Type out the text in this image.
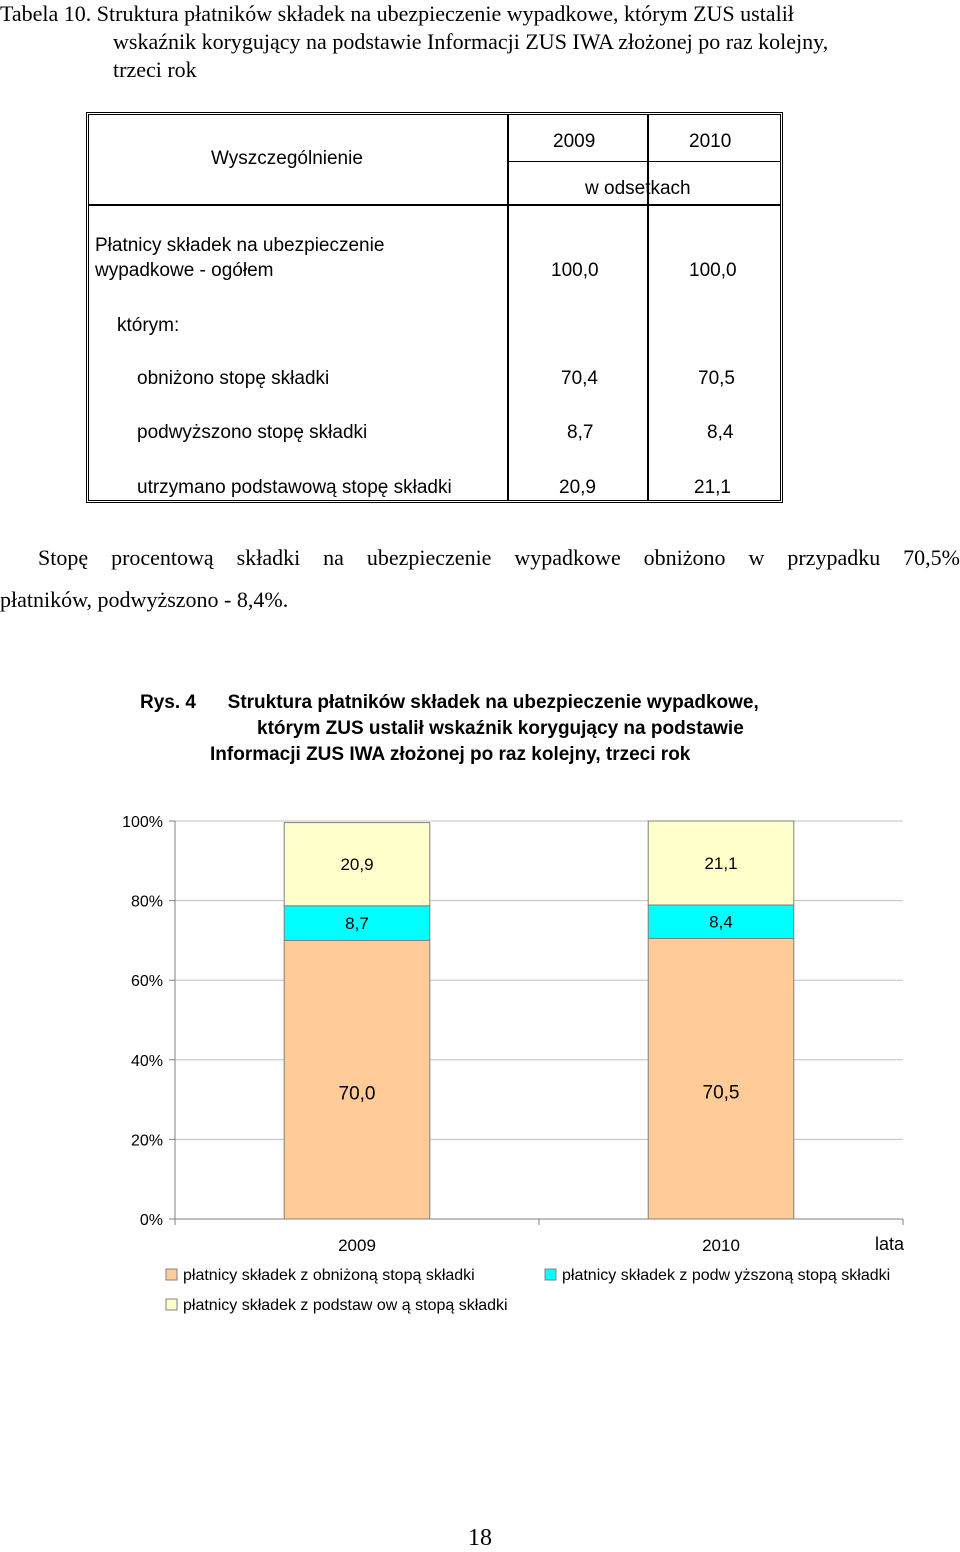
Tabela 10. Struktura płatników składek na ubezpieczenie wypadkowe, którym ZUS ustalił
wskaźnik korygujący na podstawie Informacji ZUS IWA złożonej po raz kolejny,
trzeci rok
Wyszczególnienie
2009	2010
w odsetkach
Płatnicy składek na ubezpieczenie
wypadkowe - ogółem	100,0	100,0
którym:
obniżono stopę składki	70,4	70,5
podwyższono stopę składki	8,7	8,4
utrzymano podstawową stopę składki	20,9	21,1
Stopę procentową składki na ubezpieczenie wypadkowe obniżono w przypadku 70,5%
płatników, podwyższono - 8,4%.
Rys. 4      Struktura płatników składek na ubezpieczenie wypadkowe,
którym ZUS ustalił wskaźnik korygujący na podstawie
Informacji ZUS IWA złożonej po raz kolejny, trzeci rok
0%
20%
40%
60%
80%
100%
70,0
8,7
20,9
2009
70,5
8,4
21,1
2010	lata
płatnicy składek z obniżoną stopą składki	płatnicy składek z podw yższoną stopą składki
płatnicy składek z podstaw ow ą stopą składki
18
